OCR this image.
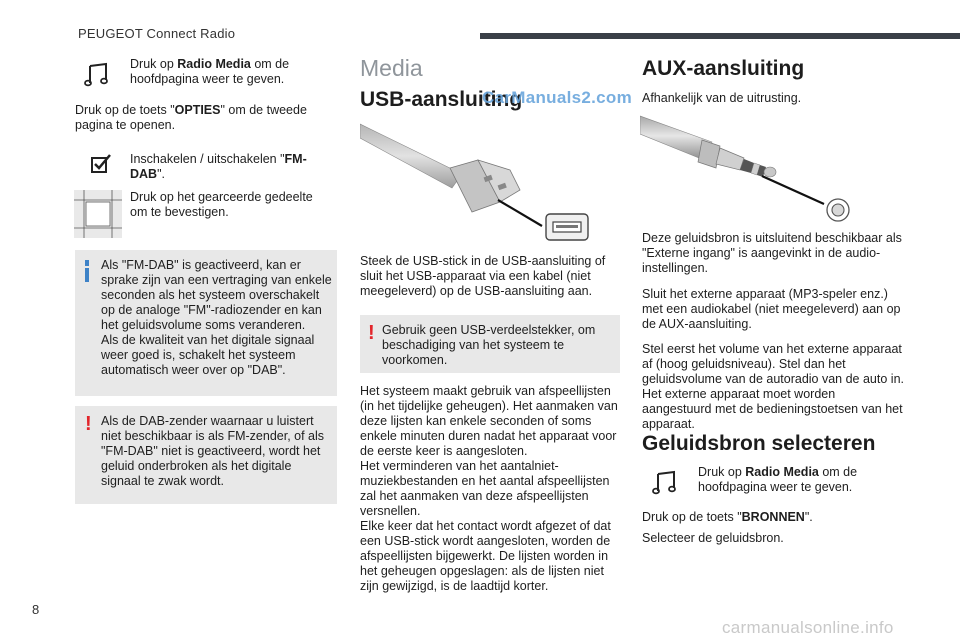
PEUGEOT Connect Radio
Druk op Radio Media om de hoofdpagina weer te geven.
Druk op de toets "OPTIES" om de tweede pagina te openen.
Inschakelen / uitschakelen "FM-DAB".
Druk op het gearceerde gedeelte om te bevestigen.
Als "FM-DAB" is geactiveerd, kan er sprake zijn van een vertraging van enkele seconden als het systeem overschakelt op de analoge "FM"-radiozender en kan het geluidsvolume soms veranderen.
Als de kwaliteit van het digitale signaal weer goed is, schakelt het systeem automatisch weer over op "DAB".
! Als de DAB-zender waarnaar u luistert niet beschikbaar is als FM-zender, of als "FM-DAB" niet is geactiveerd, wordt het geluid onderbroken als het digitale signaal te zwak wordt.
Media
USB-aansluiting
CarManuals2.com
Steek de USB-stick in de USB-aansluiting of sluit het USB-apparaat via een kabel (niet meegeleverd) op de USB-aansluiting aan.
! Gebruik geen USB-verdeelstekker, om beschadiging van het systeem te voorkomen.
Het systeem maakt gebruik van afspeellijsten (in het tijdelijke geheugen). Het aanmaken van deze lijsten kan enkele seconden of soms enkele minuten duren nadat het apparaat voor de eerste keer is aangesloten.
Het verminderen van het aantalniet-muziekbestanden en het aantal afspeellijsten zal het aanmaken van deze afspeellijsten versnellen.
Elke keer dat het contact wordt afgezet of dat een USB-stick wordt aangesloten, worden de afspeellijsten bijgewerkt. De lijsten worden in het geheugen opgeslagen: als de lijsten niet zijn gewijzigd, is de laadtijd korter.
AUX-aansluiting
Afhankelijk van de uitrusting.
Deze geluidsbron is uitsluitend beschikbaar als "Externe ingang" is aangevinkt in de audio-instellingen.
Sluit het externe apparaat (MP3-speler enz.) met een audiokabel (niet meegeleverd) aan op de AUX-aansluiting.
Stel eerst het volume van het externe apparaat af (hoog geluidsniveau). Stel dan het geluidsvolume van de autoradio van de auto in. Het externe apparaat moet worden aangestuurd met de bedieningstoetsen van het apparaat.
Geluidsbron selecteren
Druk op Radio Media om de hoofdpagina weer te geven.
Druk op de toets "BRONNEN".
Selecteer de geluidsbron.
8
carmanualsonline.info
